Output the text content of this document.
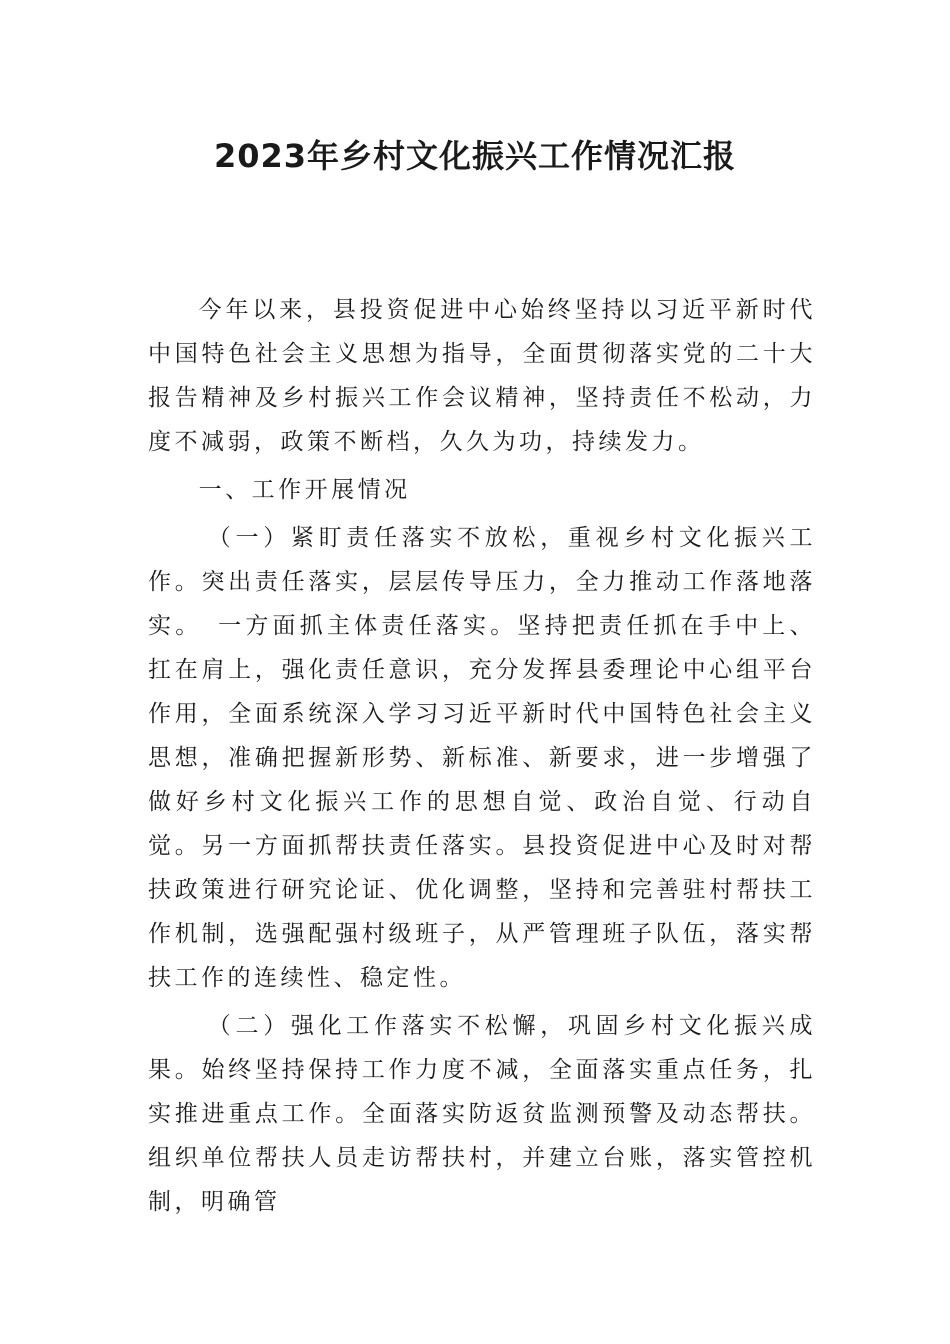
2023年乡村文化振兴工作情况汇报

今年以来，县投资促进中心始终坚持以习近平新时代中国特色社会主义思想为指导，全面贯彻落实党的二十大报告精神及乡村振兴工作会议精神，坚持责任不松动，力度不减弱，政策不断档，久久为功，持续发力。

一、工作开展情况

（一）紧盯责任落实不放松，重视乡村文化振兴工作。突出责任落实，层层传导压力，全力推动工作落地落实。　一方面抓主体责任落实。坚持把责任抓在手中上、扛在肩上，强化责任意识，充分发挥县委理论中心组平台作用，全面系统深入学习习近平新时代中国特色社会主义思想，准确把握新形势、新标准、新要求，进一步增强了做好乡村文化振兴工作的思想自觉、政治自觉、行动自觉。另一方面抓帮扶责任落实。县投资促进中心及时对帮扶政策进行研究论证、优化调整，坚持和完善驻村帮扶工作机制，选强配强村级班子，从严管理班子队伍，落实帮扶工作的连续性、稳定性。

（二）强化工作落实不松懈，巩固乡村文化振兴成果。始终坚持保持工作力度不减，全面落实重点任务，扎实推进重点工作。全面落实防返贫监测预警及动态帮扶。组织单位帮扶人员走访帮扶村，并建立台账，落实管控机制，明确管
